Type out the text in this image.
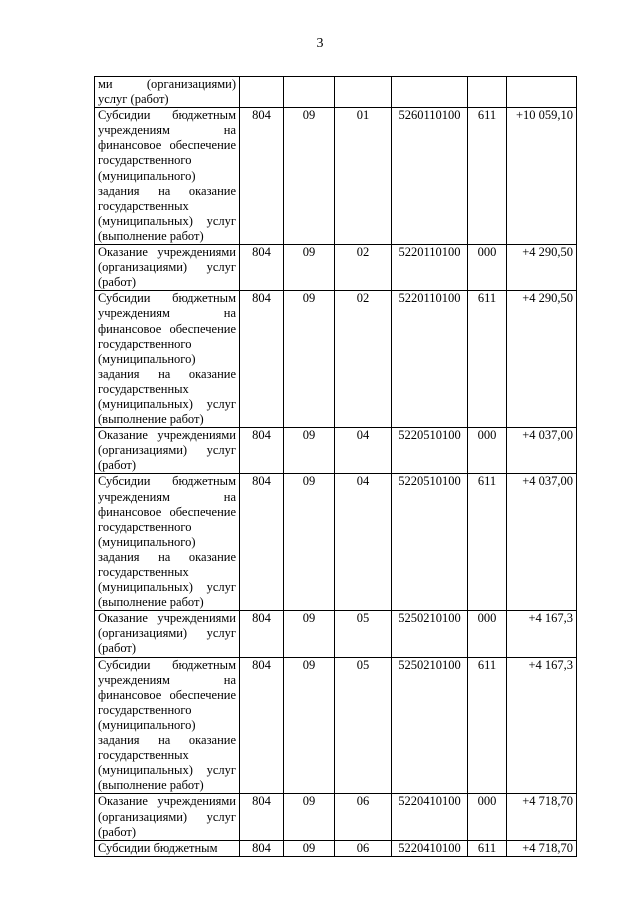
3
ми (организациями) услуг (работ)						
Субсидии бюджетным учреждениям на финансовое обеспечение государственного (муниципального) задания на оказание государственных (муниципальных) услуг (выполнение работ)	804	09	01	5260110100	611	+10 059,10
Оказание учреждениями (организациями) услуг (работ)	804	09	02	5220110100	000	+4 290,50
Субсидии бюджетным учреждениям на финансовое обеспечение государственного (муниципального) задания на оказание государственных (муниципальных) услуг (выполнение работ)	804	09	02	5220110100	611	+4 290,50
Оказание учреждениями (организациями) услуг (работ)	804	09	04	5220510100	000	+4 037,00
Субсидии бюджетным учреждениям на финансовое обеспечение государственного (муниципального) задания на оказание государственных (муниципальных) услуг (выполнение работ)	804	09	04	5220510100	611	+4 037,00
Оказание учреждениями (организациями) услуг (работ)	804	09	05	5250210100	000	+4 167,3
Субсидии бюджетным учреждениям на финансовое обеспечение государственного (муниципального) задания на оказание государственных (муниципальных) услуг (выполнение работ)	804	09	05	5250210100	611	+4 167,3
Оказание учреждениями (организациями) услуг (работ)	804	09	06	5220410100	000	+4 718,70
Субсидии бюджетным	804	09	06	5220410100	611	+4 718,70
